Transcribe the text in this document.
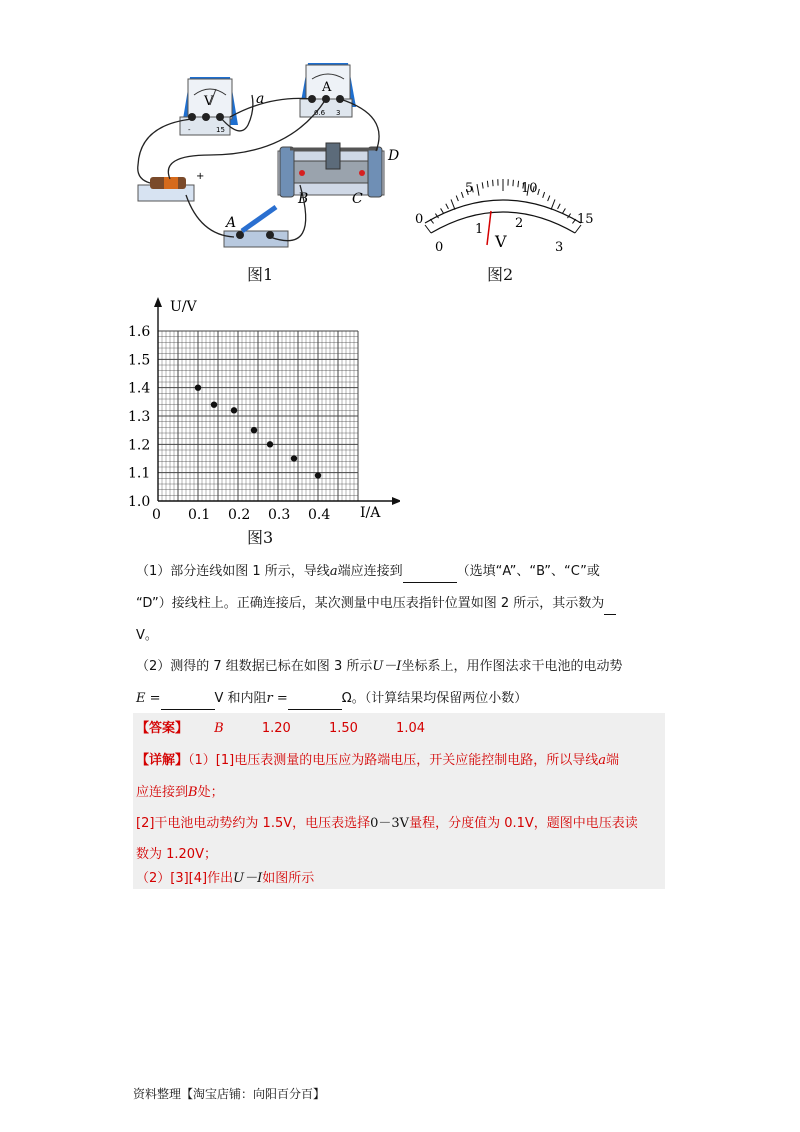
V
-	15
a
A
0.6 3
D
B	C
+
A
图1
0
5	10
15
0
1 2
3
V
图2
0 0.1 0.2 0.3 0.4
1.0
1.1
1.2
1.3
1.4
1.5
1.6
U/V
I/A
图3
（1）部分连线如图 1 所示，导线a端应连接到	（选填“A”、“B”、“C”或
“D”）接线柱上。正确连接后，某次测量中电压表指针位置如图 2 所示，其示数为
V。
（2）测得的 7 组数据已标在如图 3 所示U－I坐标系上，用作图法求干电池的电动势
E =	V 和内阻r =	Ω。（计算结果均保留两位小数）
【答案】 B	1.20	1.50	1.04
【详解】（1）[1]电压表测量的电压应为路端电压，开关应能控制电路，所以导线a端
应连接到B处；
[2]干电池电动势约为 1.5V，电压表选择0－3V量程，分度值为 0.1V，题图中电压表读
数为 1.20V；
（2）[3][4]作出U－I如图所示
资料整理【淘宝店铺：向阳百分百】
